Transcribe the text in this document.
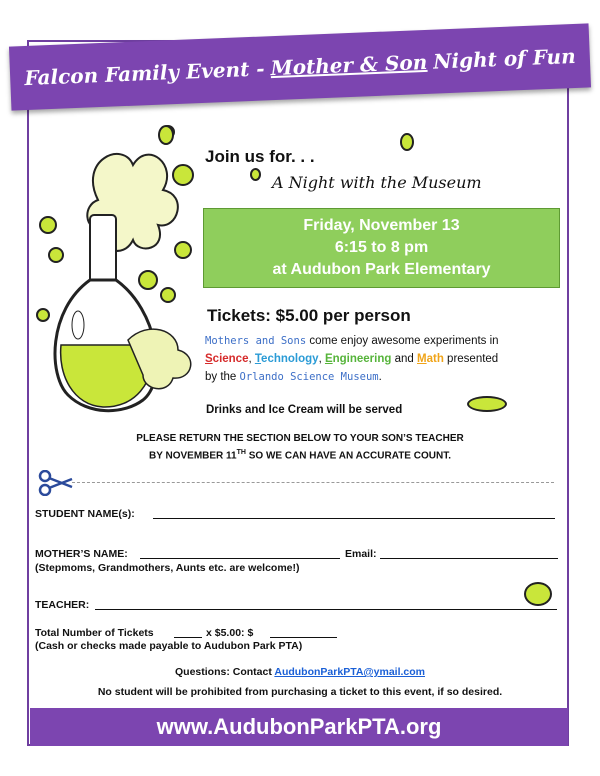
Falcon Family Event - Mother & Son Night of Fun
Join us for. . .
A Night with the Museum
Friday, November 13
6:15 to 8 pm
at Audubon Park Elementary
Tickets: $5.00 per person
Mothers and Sons come enjoy awesome experiments in
Science, Technology, Engineering and Math presented
by the Orlando Science Museum.
Drinks and Ice Cream will be served
PLEASE RETURN THE SECTION BELOW TO YOUR SON’S TEACHER
BY NOVEMBER 11TH SO WE CAN HAVE AN ACCURATE COUNT.
STUDENT NAME(s):
MOTHER’S NAME:	Email:
(Stepmoms, Grandmothers, Aunts etc. are welcome!)
TEACHER:
Total Number of Tickets	x $5.00: $
(Cash or checks made payable to Audubon Park PTA)
Questions: Contact AudubonParkPTA@ymail.com
No student will be prohibited from purchasing a ticket to this event, if so desired.
www.AudubonParkPTA.org
